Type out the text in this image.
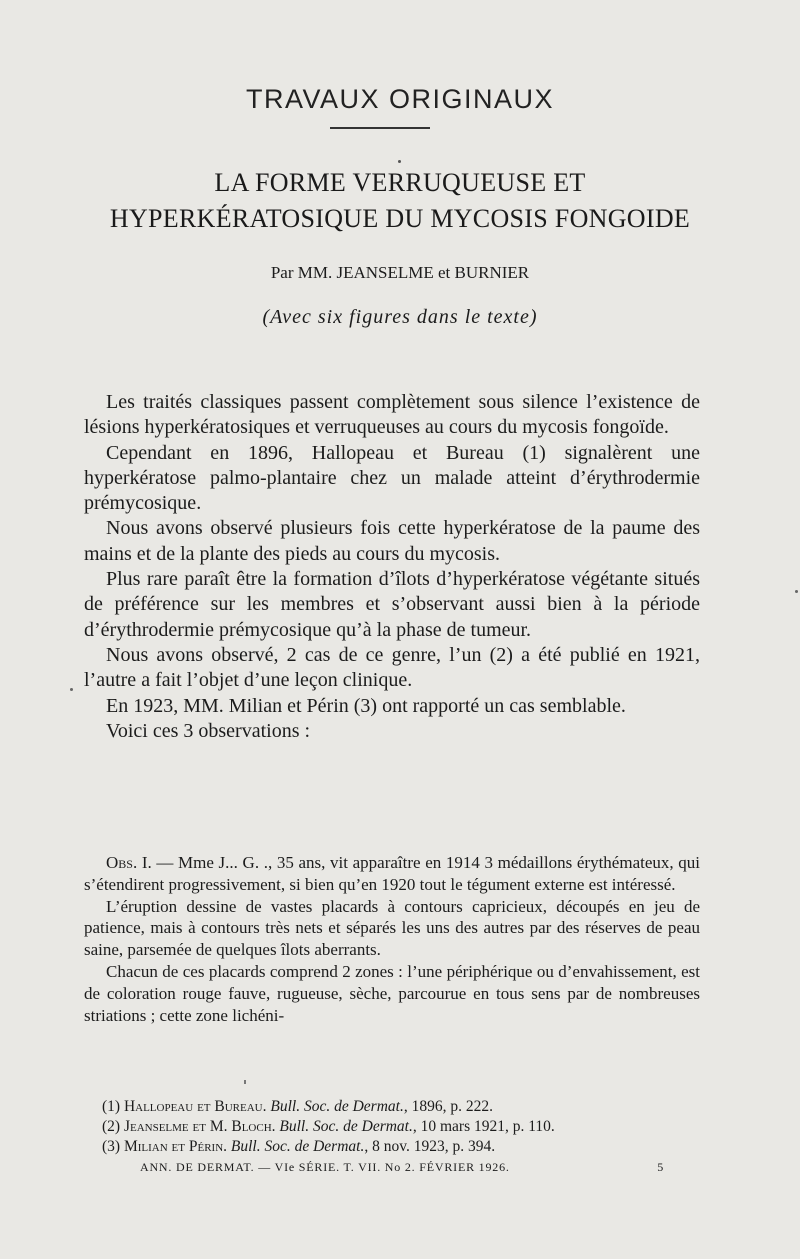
TRAVAUX ORIGINAUX
LA FORME VERRUQUEUSE ET
HYPERKÉRATOSIQUE DU MYCOSIS FONGOIDE
Par MM. JEANSELME et BURNIER
(Avec six figures dans le texte)

Les traités classiques passent complètement sous silence l’existence de lésions hyperkératosiques et verruqueuses au cours du mycosis fongoïde.

Cependant en 1896, Hallopeau et Bureau (1) signalèrent une hyperkératose palmo-plantaire chez un malade atteint d’érythrodermie prémycosique.

Nous avons observé plusieurs fois cette hyperkératose de la paume des mains et de la plante des pieds au cours du mycosis.

Plus rare paraît être la formation d’îlots d’hyperkératose végétante situés de préférence sur les membres et s’observant aussi bien à la période d’érythrodermie prémycosique qu’à la phase de tumeur.

Nous avons observé, 2 cas de ce genre, l’un (2) a été publié en 1921, l’autre a fait l’objet d’une leçon clinique.

En 1923, MM. Milian et Périn (3) ont rapporté un cas semblable.

Voici ces 3 observations :

Obs. I. — Mme J... G. ., 35 ans, vit apparaître en 1914 3 médaillons érythémateux, qui s’étendirent progressivement, si bien qu’en 1920 tout le tégument externe est intéressé.

L’éruption dessine de vastes placards à contours capricieux, découpés en jeu de patience, mais à contours très nets et séparés les uns des autres par des réserves de peau saine, parsemée de quelques îlots aberrants.

Chacun de ces placards comprend 2 zones : l’une périphérique ou d’envahissement, est de coloration rouge fauve, rugueuse, sèche, parcourue en tous sens par de nombreuses striations ; cette zone lichéni-

(1) Hallopeau et Bureau. Bull. Soc. de Dermat., 1896, p. 222.
(2) Jeanselme et M. Bloch. Bull. Soc. de Dermat., 10 mars 1921, p. 110.
(3) Milian et Périn. Bull. Soc. de Dermat., 8 nov. 1923, p. 394.
ANN. DE DERMAT. — VIe SÉRIE. T. VII. No 2. FÉVRIER 1926.	5
